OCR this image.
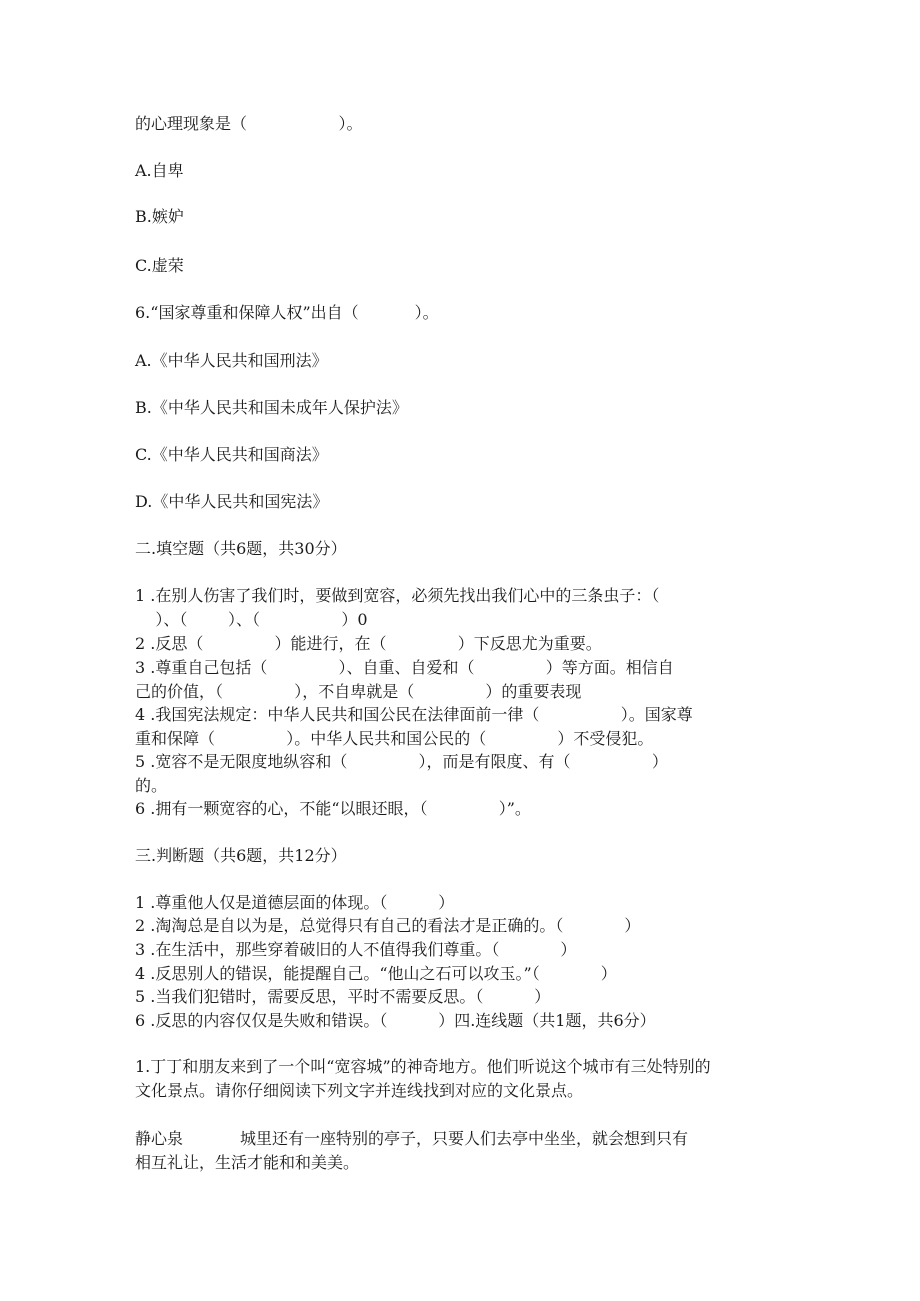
的心理现象是（                  ）。
A.自卑
B.嫉妒
C.虚荣
6.“国家尊重和保障人权”出自（           ）。
A.《中华人民共和国刑法》
B.《中华人民共和国未成年人保护法》
C.《中华人民共和国商法》
D.《中华人民共和国宪法》
二.填空题（共6题，共30分）
1 .在别人伤害了我们时，要做到宽容，必须先找出我们心中的三条虫子：（
）、（        ）、（                ）0
2 .反思（              ）能进行，在（              ）下反思尤为重要。
3 .尊重自己包括（              ）、自重、自爱和（              ）等方面。相信自
己的价值，（              ），不自卑就是（              ）的重要表现
4 .我国宪法规定：中华人民共和国公民在法律面前一律（                ）。国家尊
重和保障（              ）。中华人民共和国公民的（              ）不受侵犯。
5 .宽容不是无限度地纵容和（              ），而是有限度、有（                ）
的。
6 .拥有一颗宽容的心，不能“以眼还眼，（              ）”。
三.判断题（共6题，共12分）
1 .尊重他人仅是道德层面的体现。（          ）
2 .淘淘总是自以为是，总觉得只有自己的看法才是正确的。（            ）
3 .在生活中，那些穿着破旧的人不值得我们尊重。（            ）
4 .反思别人的错误，能提醒自己。“他山之石可以攻玉。”（            ）
5 .当我们犯错时，需要反思，平时不需要反思。（          ）
6 .反思的内容仅仅是失败和错误。（          ）四.连线题（共1题，共6分）
1.丁丁和朋友来到了一个叫“宽容城”的神奇地方。他们听说这个城市有三处特别的
文化景点。请你仔细阅读下列文字并连线找到对应的文化景点。
静心泉	城里还有一座特别的亭子，只要人们去亭中坐坐，就会想到只有
相互礼让，生活才能和和美美。
